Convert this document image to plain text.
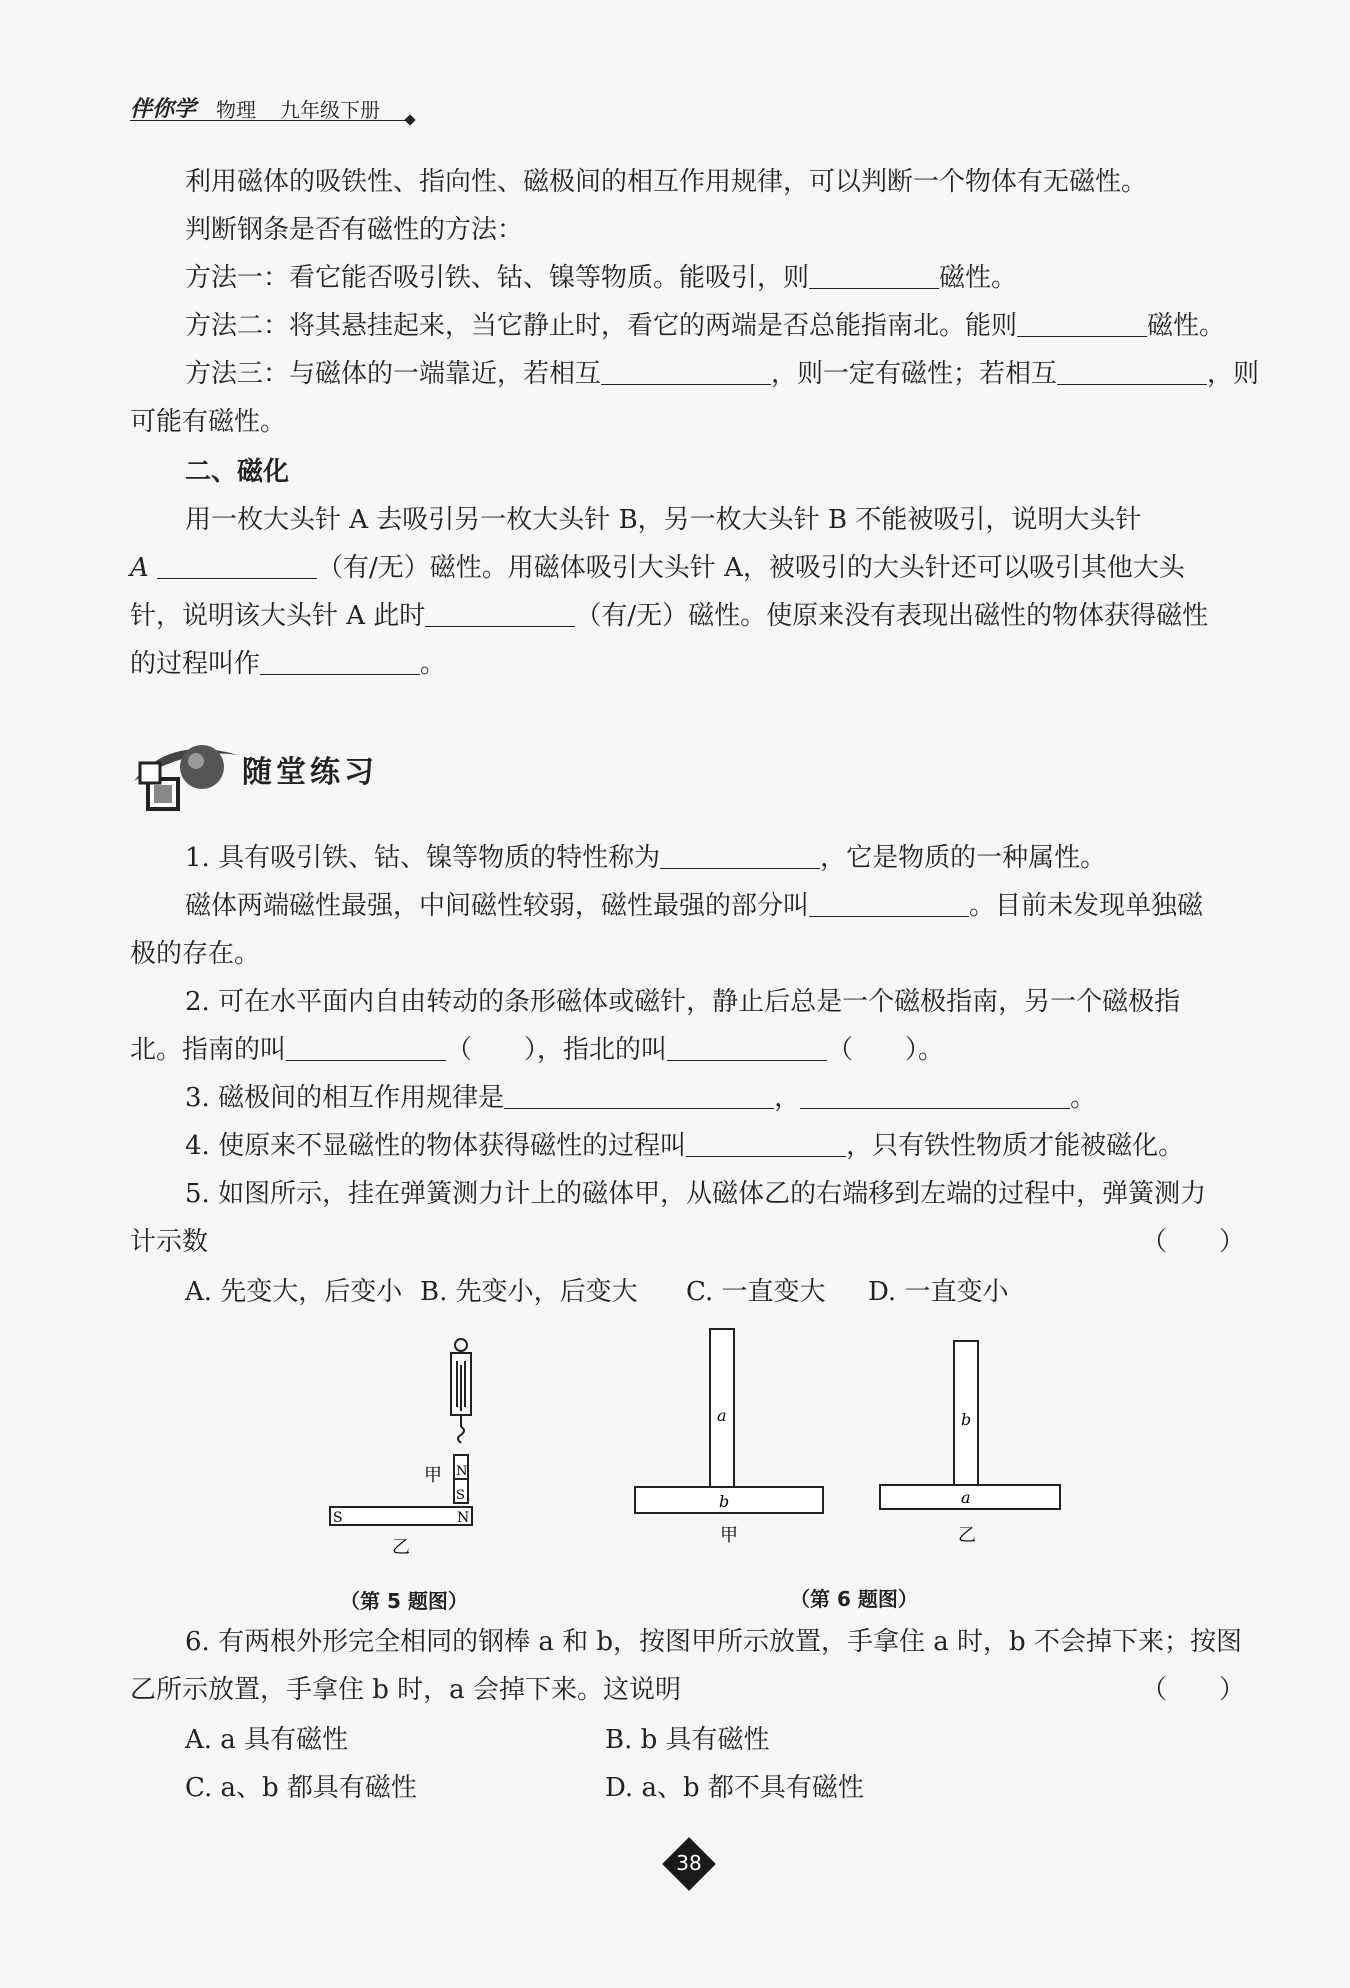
伴你学 物理 九年级下册
利用磁体的吸铁性、指向性、磁极间的相互作用规律，可以判断一个物体有无磁性。
判断钢条是否有磁性的方法：
方法一：看它能否吸引铁、钴、镍等物质。能吸引，则	磁性。
方法二：将其悬挂起来，当它静止时，看它的两端是否总能指南北。能则	磁性。
方法三：与磁体的一端靠近，若相互	，则一定有磁性；若相互	，则
可能有磁性。
二、磁化
用一枚大头针 A 去吸引另一枚大头针 B，另一枚大头针 B 不能被吸引，说明大头针
A	（有/无）磁性。用磁体吸引大头针 A，被吸引的大头针还可以吸引其他大头
针，说明该大头针 A 此时	（有/无）磁性。使原来没有表现出磁性的物体获得磁性
的过程叫作	。
随堂练习
1. 具有吸引铁、钴、镍等物质的特性称为	，它是物质的一种属性。
磁体两端磁性最强，中间磁性较弱，磁性最强的部分叫	。目前未发现单独磁
极的存在。
2. 可在水平面内自由转动的条形磁体或磁针，静止后总是一个磁极指南，另一个磁极指
北。指南的叫	（　　），指北的叫	（　　）。
3. 磁极间的相互作用规律是	，	。
4. 使原来不显磁性的物体获得磁性的过程叫	，只有铁性物质才能被磁化。
5. 如图所示，挂在弹簧测力计上的磁体甲，从磁体乙的右端移到左端的过程中，弹簧测力
计示数	（　　）
A. 先变大，后变小 B. 先变小，后变大 C. 一直变大 D. 一直变小
N
S
甲
S	N
乙
（第 5 题图）
a
b
甲
b
a
乙
（第 6 题图）
6. 有两根外形完全相同的钢棒 a 和 b，按图甲所示放置，手拿住 a 时，b 不会掉下来；按图
乙所示放置，手拿住 b 时，a 会掉下来。这说明	（　　）
A. a 具有磁性	B. b 具有磁性
C. a、b 都具有磁性	D. a、b 都不具有磁性
38
